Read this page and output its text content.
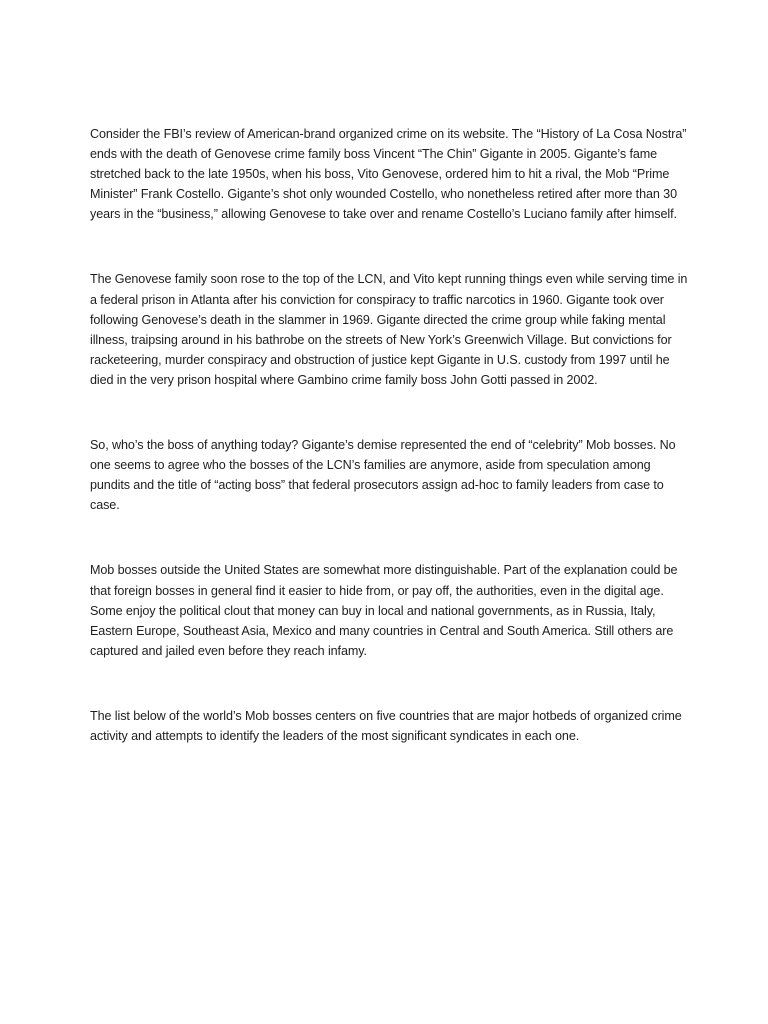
Consider the FBI’s review of American-brand organized crime on its website. The “History of La Cosa Nostra” ends with the death of Genovese crime family boss Vincent “The Chin” Gigante in 2005. Gigante’s fame stretched back to the late 1950s, when his boss, Vito Genovese, ordered him to hit a rival, the Mob “Prime Minister” Frank Costello. Gigante’s shot only wounded Costello, who nonetheless retired after more than 30 years in the “business,” allowing Genovese to take over and rename Costello’s Luciano family after himself.

The Genovese family soon rose to the top of the LCN, and Vito kept running things even while serving time in a federal prison in Atlanta after his conviction for conspiracy to traffic narcotics in 1960. Gigante took over following Genovese’s death in the slammer in 1969. Gigante directed the crime group while faking mental illness, traipsing around in his bathrobe on the streets of New York’s Greenwich Village. But convictions for racketeering, murder conspiracy and obstruction of justice kept Gigante in U.S. custody from 1997 until he died in the very prison hospital where Gambino crime family boss John Gotti passed in 2002.

So, who’s the boss of anything today? Gigante’s demise represented the end of “celebrity” Mob bosses. No one seems to agree who the bosses of the LCN’s families are anymore, aside from speculation among pundits and the title of “acting boss” that federal prosecutors assign ad-hoc to family leaders from case to case.

Mob bosses outside the United States are somewhat more distinguishable. Part of the explanation could be that foreign bosses in general find it easier to hide from, or pay off, the authorities, even in the digital age. Some enjoy the political clout that money can buy in local and national governments, as in Russia, Italy, Eastern Europe, Southeast Asia, Mexico and many countries in Central and South America. Still others are captured and jailed even before they reach infamy.

The list below of the world’s Mob bosses centers on five countries that are major hotbeds of organized crime activity and attempts to identify the leaders of the most significant syndicates in each one.
